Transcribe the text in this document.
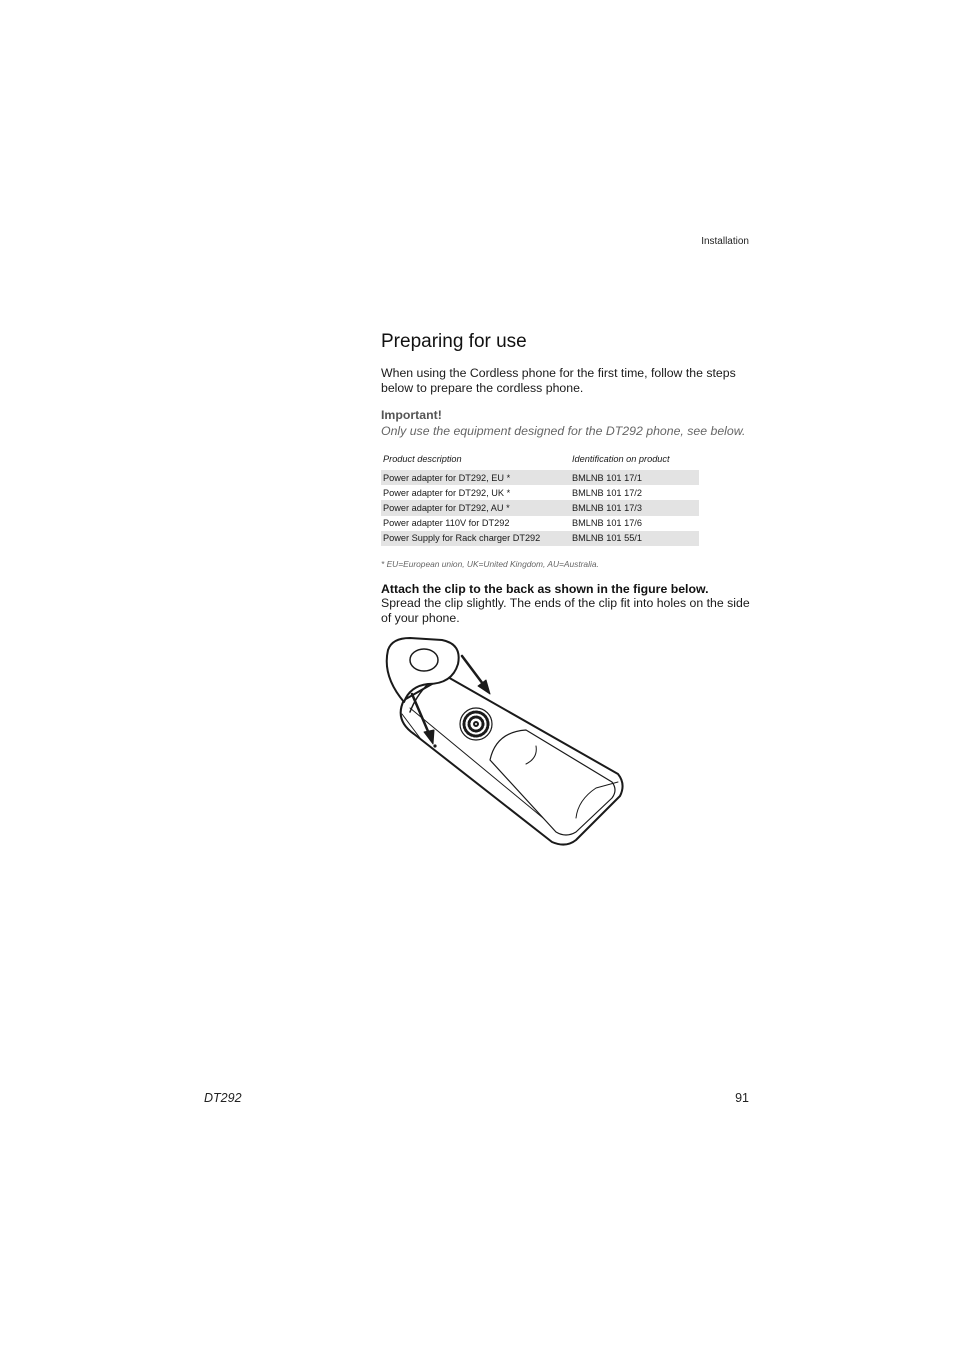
Installation
Preparing for use

When using the Cordless phone for the first time, follow the steps below to prepare the cordless phone.

Important!
Only use the equipment designed for the DT292 phone, see below.
Product description	Identification on product
Power adapter for DT292, EU *	BMLNB 101 17/1
Power adapter for DT292, UK *	BMLNB 101 17/2
Power adapter for DT292, AU *	BMLNB 101 17/3
Power adapter 110V for DT292	BMLNB 101 17/6
Power Supply for Rack charger DT292	BMLNB 101 55/1
* EU=European union, UK=United Kingdom, AU=Australia.
Attach the clip to the back as shown in the figure below.

Spread the clip slightly. The ends of the clip fit into holes on the side of your phone.

DT292	91
